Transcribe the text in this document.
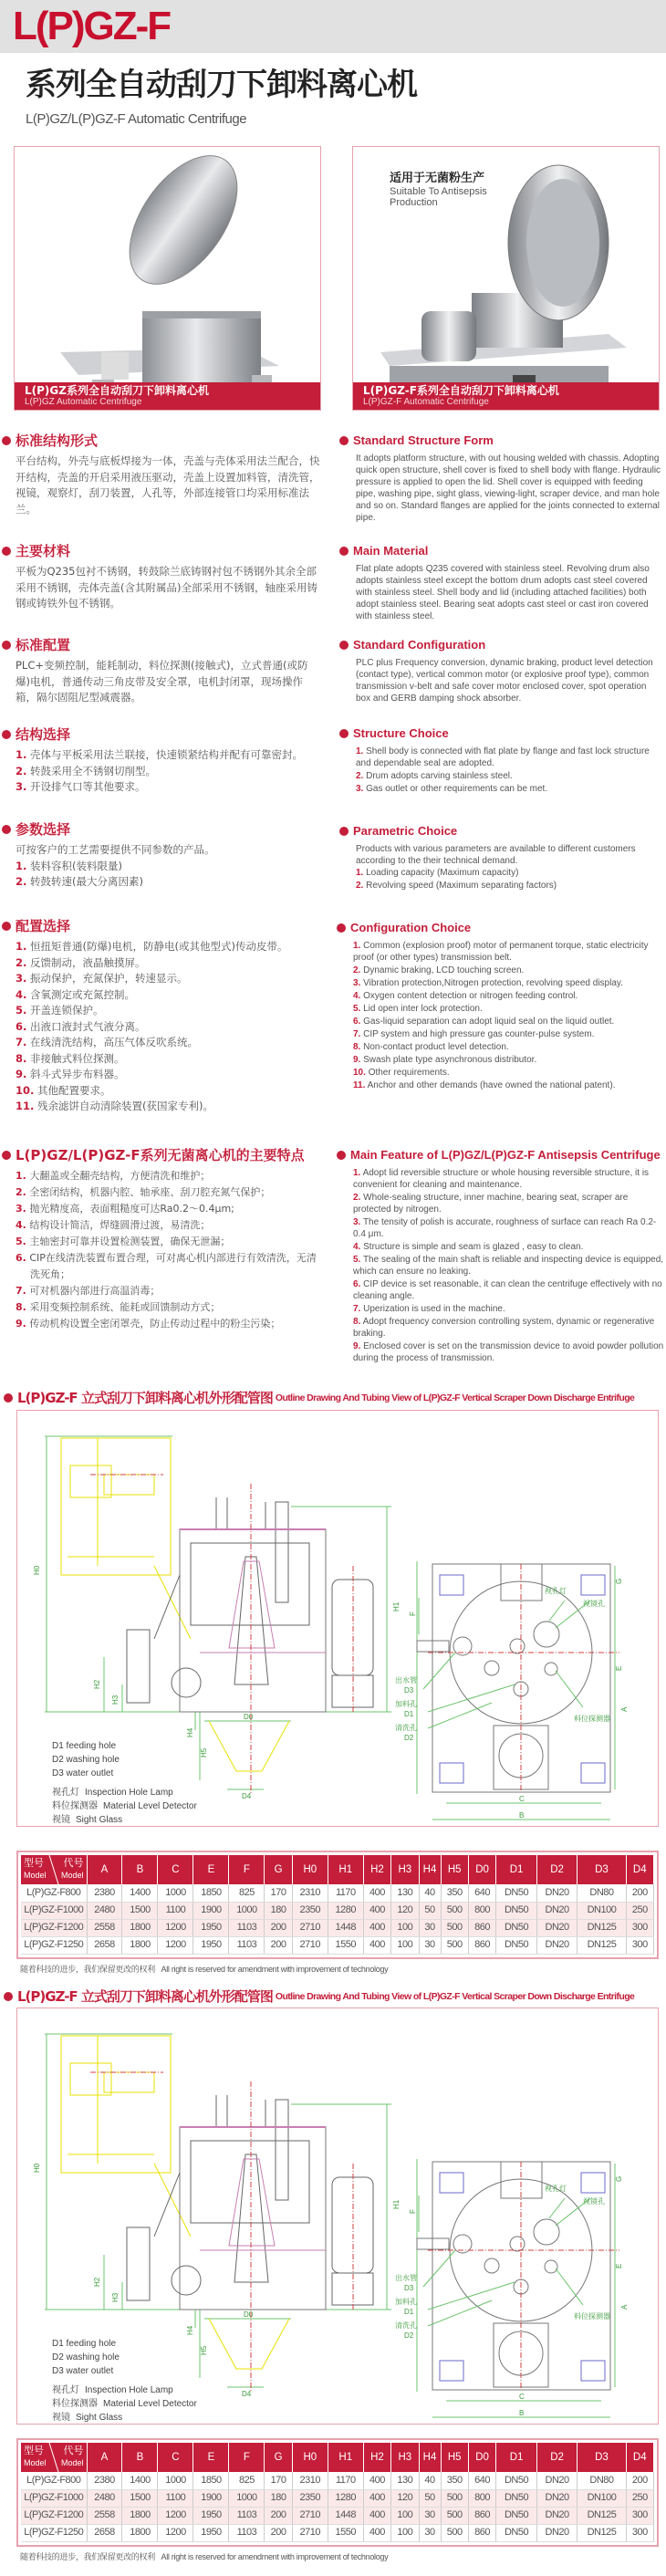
L(P)GZ-F
系列全自动刮刀下卸料离心机
L(P)GZ/L(P)GZ-F Automatic Centrifuge
L(P)GZ系列全自动刮刀下卸料离心机
L(P)GZ Automatic Centrifuge
适用于无菌粉生产
Suitable To Antisepsis Production
L(P)GZ-F系列全自动刮刀下卸料离心机
L(P)GZ-F Automatic Centrifuge
标准结构形式

平台结构，外壳与底板焊接为一体，壳盖与壳体采用法兰配合，快开结构，壳盖的开启采用液压驱动，壳盖上设置加料管，清洗管，视镜，观察灯，刮刀装置，人孔等，外部连接管口均采用标准法兰。

主要材料

平板为Q235包衬不锈钢，转鼓除兰底铸钢衬包不锈钢外其余全部采用不锈钢，壳体壳盖(含其附属品)全部采用不锈钢，轴座采用铸钢或铸铁外包不锈钢。

标准配置

PLC+变频控制，能耗制动，料位探测(接触式)，立式普通(或防爆)电机，普通传动三角皮带及安全罩，电机封闭罩，现场操作箱，隔尔固阻尼型减震器。

结构选择
1. 壳体与平板采用法兰联接，快速锁紧结构并配有可靠密封。
2. 转鼓采用全不锈钢切削型。
3. 开设排气口等其他要求。
参数选择

可按客户的工艺需要提供不同参数的产品。

1. 装料容积(装料限量)
2. 转鼓转速(最大分离因素)
配置选择
1. 恒扭矩普通(防爆)电机，防静电(或其他型式)传动皮带。
2. 反馈制动，液晶触摸屏。
3. 振动保护，充氮保护，转速显示。
4. 含氧测定或充氮控制。
5. 开盖连锁保护。
6. 出液口液封式气液分离。
7. 在线清洗结构，高压气体反吹系统。
8. 非接触式料位探测。
9. 斜斗式异步布料器。
10. 其他配置要求。
11. 残余滤饼自动清除装置(获国家专利)。
L(P)GZ/L(P)GZ-F系列无菌离心机的主要特点
1. 大翻盖或全翻壳结构，方便清洗和维护；
2. 全密闭结构，机器内腔、轴承座、刮刀腔充氮气保护；
3. 抛光精度高，表面粗糙度可达Ra0.2～0.4μm;
4. 结构设计简洁，焊缝圆滑过渡，易清洗；
5. 主轴密封可靠并设置检测装置，确保无泄漏；
6. CIP在线清洗装置布置合理，可对离心机内部进行有效清洗，无清洗死角；
7. 可对机器内部进行高温消毒；
8. 采用变频控制系统、能耗或回馈制动方式；
9. 传动机构设置全密闭罩壳，防止传动过程中的粉尘污染；
Standard Structure Form

It adopts platform structure, with out housing welded with chassis. Adopting quick open structure, shell cover is fixed to shell body with flange. Hydraulic pressure is applied to open the lid. Shell cover is equipped with feeding pipe, washing pipe, sight glass, viewing-light, scraper device, and man hole and so on. Standard flanges are applied for the joints connected to external pipe.

Main Material

Flat plate adopts Q235 covered with stainless steel. Revolving drum also adopts stainless steel except the bottom drum adopts cast steel covered with stainless steel. Shell body and lid (including attached facilities) both adopt stainless steel. Bearing seat adopts cast steel or cast iron covered with stainless steel.

Standard Configuration

PLC plus Frequency conversion, dynamic braking, product level detection (contact type), vertical common motor (or explosive proof type), common transmission v-belt and safe cover motor enclosed cover, spot operation box and GERB damping shock absorber.

Structure Choice
1. Shell body is connected with flat plate by flange and fast lock structure and dependable seal are adopted.
2. Drum adopts carving stainless steel.
3. Gas outlet or other requirements can be met.
Parametric Choice

Products with various parameters are available to different customers according to the their technical demand.

1. Loading capacity (Maximum capacity)
2. Revolving speed (Maximum separating factors)
Configuration Choice
1. Common (explosion proof) motor of permanent torque, static electricity proof (or other types) transmission belt.
2. Dynamic braking, LCD touching screen.
3. Vibration protection,Nitrogen protection, revolving speed display.
4. Oxygen content detection or nitrogen feeding control.
5. Lid open inter lock protection.
6. Gas-liquid separation can adopt liquid seal on the liquid outlet.
7. CIP system and high pressure gas counter-pulse system.
8. Non-contact product level detection.
9. Swash plate type asynchronous distributor.
10. Other requirements.
11. Anchor and other demands (have owned the national patent).
Main Feature of L(P)GZ/L(P)GZ-F Antisepsis Centrifuge
1. Adopt lid reversible structure or whole housing reversible structure, it is convenient for cleaning and maintenance.
2. Whole-sealing structure, inner machine, bearing seat, scraper are protected by nitrogen.
3. The tensity of polish is accurate, roughness of surface can reach Ra 0.2-0.4 μm.
4. Structure is simple and seam is glazed , easy to clean.
5. The sealing of the main shaft is reliable and inspecting device is equipped, which can ensure no leaking.
6. CIP device is set reasonable, it can clean the centrifuge effectively with no cleaning angle.
7. Uperization is used in the machine.
8. Adopt frequency conversion controlling system, dynamic or regenerative braking.
9. Enclosed cover is set on the transmission device to avoid powder pollution during the process of transmission.
L(P)GZ-F 立式刮刀下卸料离心机外形配管图 Outline Drawing And Tubing View of L(P)GZ-F Vertical Scraper Down Discharge Entrifuge
H0
H1
H2
H3
H4
H5
D0
D4	C
B
A
E
F
G
视孔灯
视镜孔
出水管
D3
加料孔
D1
清洗孔
D2
料位探测器
D1 feeding hole
D2 washing hole
D3 water outlet
视孔灯 Inspection Hole Lamp
料位探测器 Material Level Detector
视镜 Sight Glass
型号
Model
代号
Model	A	B	C	E	F	G	H0	H1	H2	H3	H4	H5	D0	D1	D2	D3	D4
L(P)GZ-F800	2380	1400	1000	1850	825	170	2310	1170	400	130	40	350	640	DN50	DN20	DN80	200
L(P)GZ-F1000	2480	1500	1100	1900	1000	180	2350	1280	400	120	50	500	800	DN50	DN20	DN100	250
L(P)GZ-F1200	2558	1800	1200	1950	1103	200	2710	1448	400	100	30	500	860	DN50	DN20	DN125	300
L(P)GZ-F1250	2658	1800	1200	1950	1103	200	2710	1550	400	100	30	500	860	DN50	DN20	DN125	300
随着科技的进步，我们保留更改的权利 All right is reserved for amendment with improvement of technology
L(P)GZ-F 立式刮刀下卸料离心机外形配管图 Outline Drawing And Tubing View of L(P)GZ-F Vertical Scraper Down Discharge Entrifuge
H0
H1
H2
H3
H4
H5
D0
D4	C
B
A
E
F
G
视孔灯
视镜孔
出水管
D3
加料孔
D1
清洗孔
D2
料位探测器
D1 feeding hole
D2 washing hole
D3 water outlet
视孔灯 Inspection Hole Lamp
料位探测器 Material Level Detector
视镜 Sight Glass
型号
Model
代号
Model	A	B	C	E	F	G	H0	H1	H2	H3	H4	H5	D0	D1	D2	D3	D4
L(P)GZ-F800	2380	1400	1000	1850	825	170	2310	1170	400	130	40	350	640	DN50	DN20	DN80	200
L(P)GZ-F1000	2480	1500	1100	1900	1000	180	2350	1280	400	120	50	500	800	DN50	DN20	DN100	250
L(P)GZ-F1200	2558	1800	1200	1950	1103	200	2710	1448	400	100	30	500	860	DN50	DN20	DN125	300
L(P)GZ-F1250	2658	1800	1200	1950	1103	200	2710	1550	400	100	30	500	860	DN50	DN20	DN125	300
随着科技的进步，我们保留更改的权利 All right is reserved for amendment with improvement of technology
